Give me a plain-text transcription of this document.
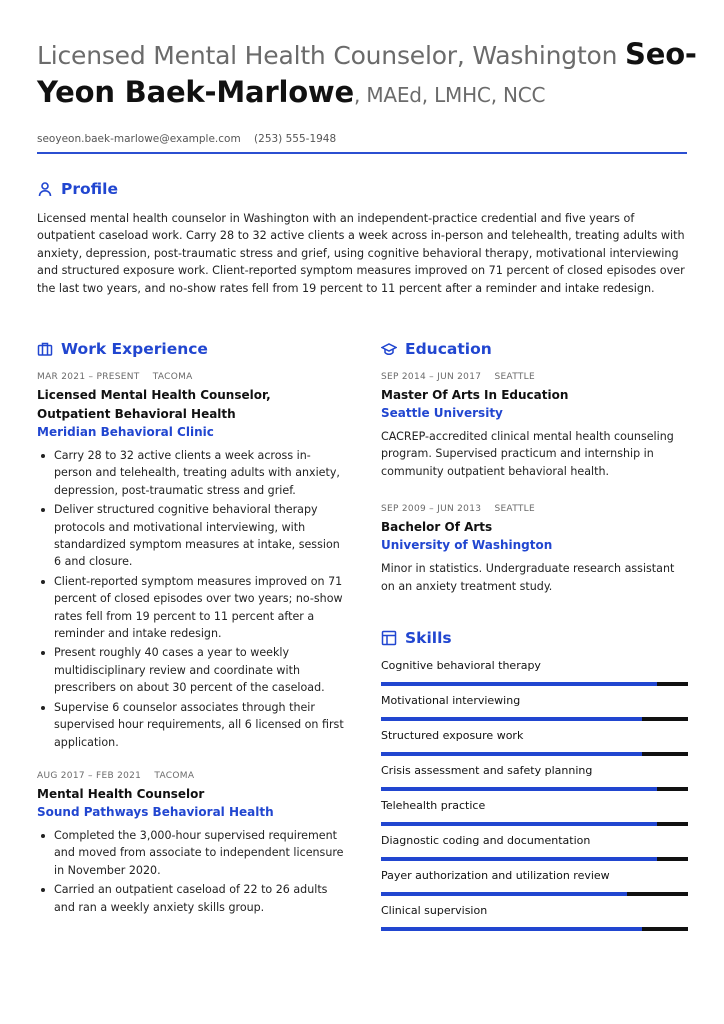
Licensed Mental Health Counselor, Washington Seo-
Yeon Baek-Marlowe, MAEd, LMHC, NCC
seoyeon.baek-marlowe@example.com (253) 555-1948
Profile

Licensed mental health counselor in Washington with an independent-practice credential and five years of outpatient caseload work. Carry 28 to 32 active clients a week across in-person and telehealth, treating adults with anxiety, depression, post-traumatic stress and grief, using cognitive behavioral therapy, motivational interviewing and structured exposure work. Client-reported symptom measures improved on 71 percent of closed episodes over the last two years, and no-show rates fell from 19 percent to 11 percent after a reminder and intake redesign.

Work Experience
MAR 2021 – PRESENT TACOMA
Licensed Mental Health Counselor, Outpatient Behavioral Health
Meridian Behavioral Clinic
Carry 28 to 32 active clients a week across in-person and telehealth, treating adults with anxiety, depression, post-traumatic stress and grief.
Deliver structured cognitive behavioral therapy protocols and motivational interviewing, with standardized symptom measures at intake, session 6 and closure.
Client-reported symptom measures improved on 71 percent of closed episodes over two years; no-show rates fell from 19 percent to 11 percent after a reminder and intake redesign.
Present roughly 40 cases a year to weekly multidisciplinary review and coordinate with prescribers on about 30 percent of the caseload.
Supervise 6 counselor associates through their supervised hour requirements, all 6 licensed on first application.
AUG 2017 – FEB 2021 TACOMA
Mental Health Counselor
Sound Pathways Behavioral Health
Completed the 3,000-hour supervised requirement and moved from associate to independent licensure in November 2020.
Carried an outpatient caseload of 22 to 26 adults and ran a weekly anxiety skills group.
Education
SEP 2014 – JUN 2017 SEATTLE
Master Of Arts In Education
Seattle University
CACREP-accredited clinical mental health counseling program. Supervised practicum and internship in community outpatient behavioral health.
SEP 2009 – JUN 2013 SEATTLE
Bachelor Of Arts
University of Washington
Minor in statistics. Undergraduate research assistant on an anxiety treatment study.
Skills
Cognitive behavioral therapy
Motivational interviewing
Structured exposure work
Crisis assessment and safety planning
Telehealth practice
Diagnostic coding and documentation
Payer authorization and utilization review
Clinical supervision
